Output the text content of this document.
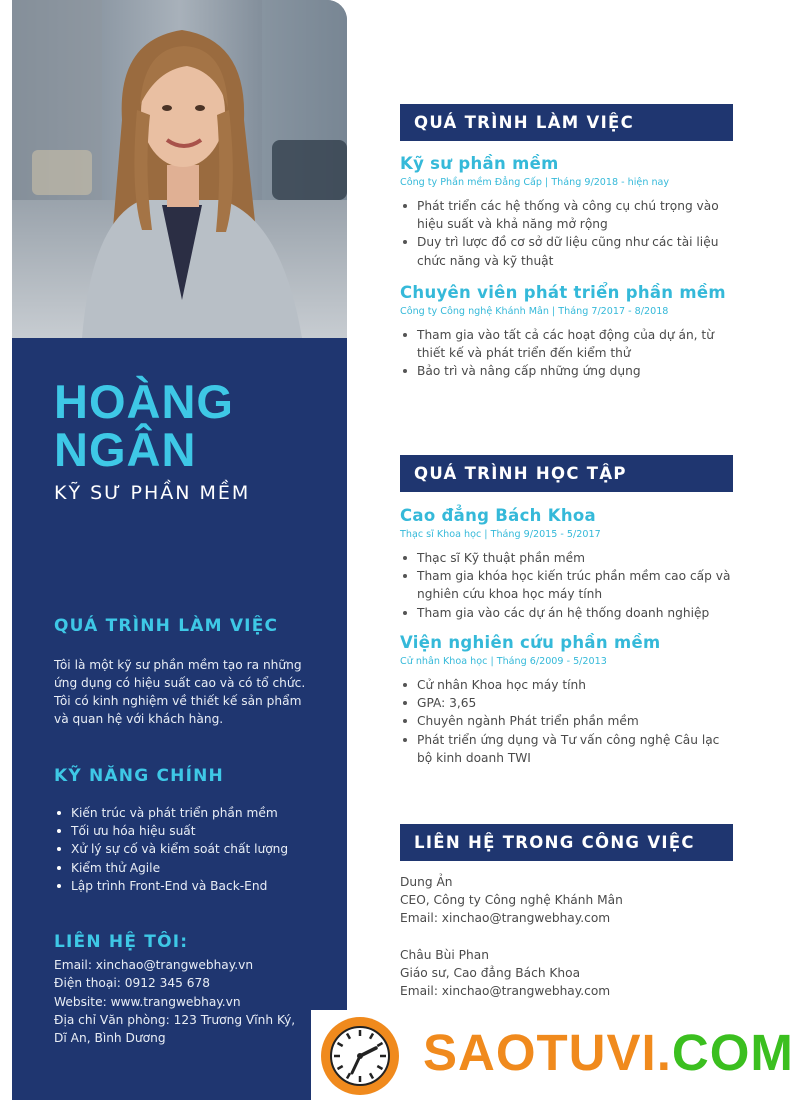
HOÀNG
NGÂN
KỸ SƯ PHẦN MỀM
QUÁ TRÌNH LÀM VIỆC
Tôi là một kỹ sư phần mềm tạo ra những ứng dụng có hiệu suất cao và có tổ chức. Tôi có kinh nghiệm về thiết kế sản phẩm và quan hệ với khách hàng.
KỸ NĂNG CHÍNH
Kiến trúc và phát triển phần mềm
Tối ưu hóa hiệu suất
Xử lý sự cố và kiểm soát chất lượng
Kiểm thử Agile
Lập trình Front-End và Back-End
LIÊN HỆ TÔI:
Email: xinchao@trangwebhay.vn
Điện thoại: 0912 345 678
Website: www.trangwebhay.vn
Địa chỉ Văn phòng: 123 Trương Vĩnh Ký, Dĩ An, Bình Dương
QUÁ TRÌNH LÀM VIỆC
Kỹ sư phần mềm
Công ty Phần mềm Đẳng Cấp | Tháng 9/2018 - hiện nay
Phát triển các hệ thống và công cụ chú trọng vào hiệu suất và khả năng mở rộng
Duy trì lược đồ cơ sở dữ liệu cũng như các tài liệu chức năng và kỹ thuật
Chuyên viên phát triển phần mềm
Công ty Công nghệ Khánh Mân | Tháng 7/2017 - 8/2018
Tham gia vào tất cả các hoạt động của dự án, từ thiết kế và phát triển đến kiểm thử
Bảo trì và nâng cấp những ứng dụng
QUÁ TRÌNH HỌC TẬP
Cao đẳng Bách Khoa
Thạc sĩ Khoa học | Tháng 9/2015 - 5/2017
Thạc sĩ Kỹ thuật phần mềm
Tham gia khóa học kiến trúc phần mềm cao cấp và nghiên cứu khoa học máy tính
Tham gia vào các dự án hệ thống doanh nghiệp
Viện nghiên cứu phần mềm
Cử nhân Khoa học | Tháng 6/2009 - 5/2013
Cử nhân Khoa học máy tính
GPA: 3,65
Chuyên ngành Phát triển phần mềm
Phát triển ứng dụng và Tư vấn công nghệ Câu lạc bộ kinh doanh TWI
LIÊN HỆ TRONG CÔNG VIỆC
Dung Ản
CEO, Công ty Công nghệ Khánh Mân
Email: xinchao@trangwebhay.com
Châu Bùi Phan
Giáo sư, Cao đẳng Bách Khoa
Email: xinchao@trangwebhay.com
SAOTUVI.COM
